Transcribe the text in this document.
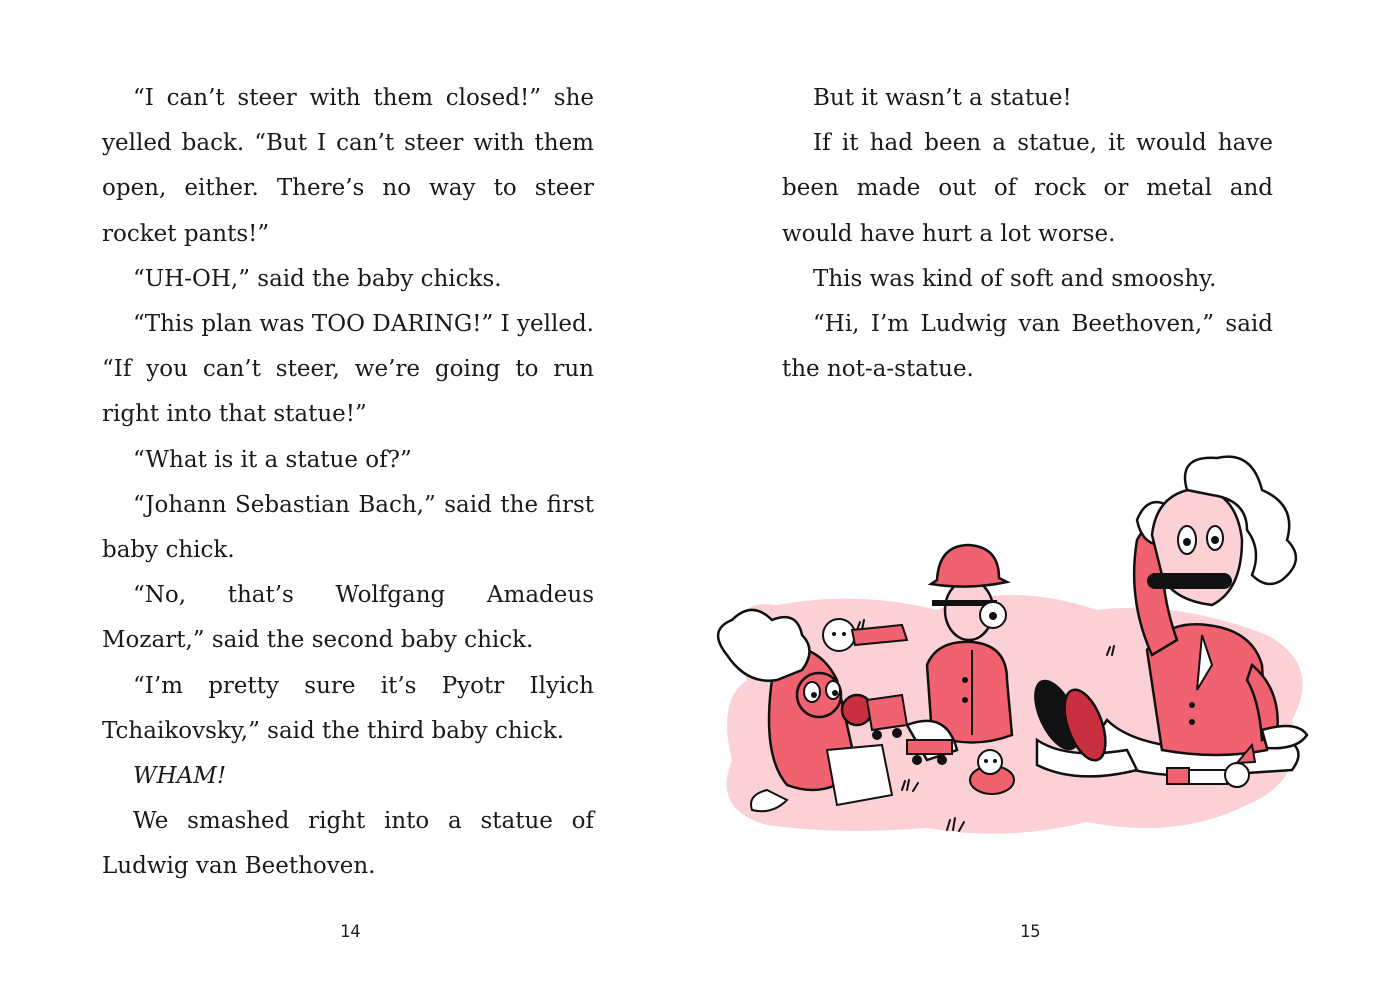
“I can’t steer with them closed!” she yelled back. “But I can’t steer with them open, either. There’s no way to steer rocket pants!”

“UH-OH,” said the baby chicks.

“This plan was TOO DARING!” I yelled. “If you can’t steer, we’re going to run right into that statue!”

“What is it a statue of?”

“Johann Sebastian Bach,” said the first baby chick.

“No, that’s Wolfgang Amadeus Mozart,” said the second baby chick.

“I’m pretty sure it’s Pyotr Ilyich Tchaikovsky,” said the third baby chick.

WHAM!

We smashed right into a statue of Ludwig van Beethoven.

14

But it wasn’t a statue!

If it had been a statue, it would have been made out of rock or metal and would have hurt a lot worse.

This was kind of soft and smooshy.

“Hi, I’m Ludwig van Beethoven,” said the not-a-statue.

15
